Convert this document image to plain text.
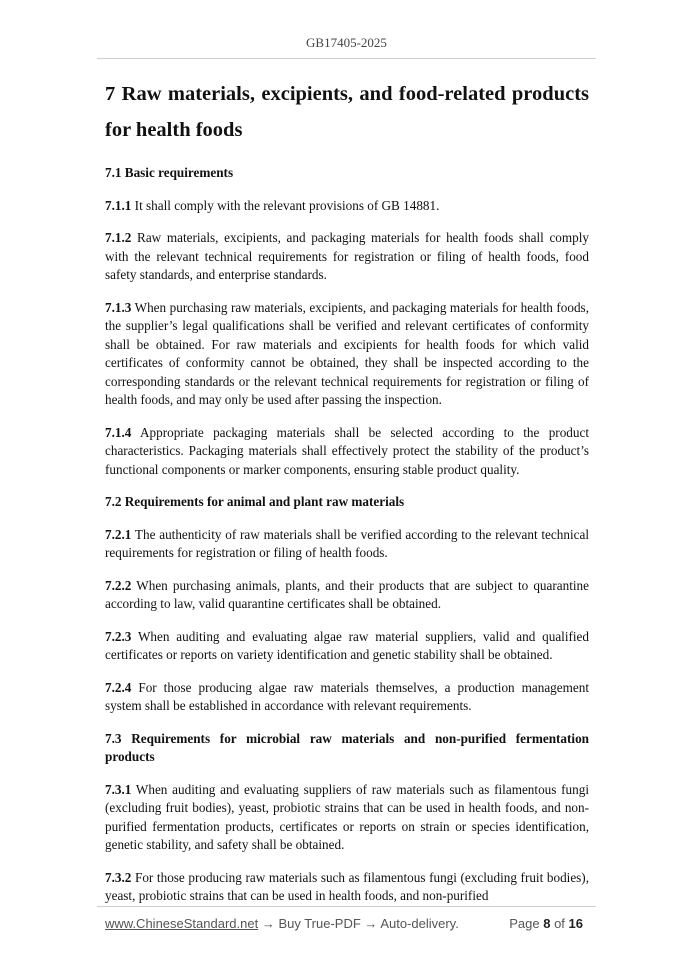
GB17405-2025
7 Raw materials, excipients, and food-related products for health foods
7.1 Basic requirements
7.1.1 It shall comply with the relevant provisions of GB 14881.
7.1.2 Raw materials, excipients, and packaging materials for health foods shall comply with the relevant technical requirements for registration or filing of health foods, food safety standards, and enterprise standards.
7.1.3 When purchasing raw materials, excipients, and packaging materials for health foods, the supplier’s legal qualifications shall be verified and relevant certificates of conformity shall be obtained. For raw materials and excipients for health foods for which valid certificates of conformity cannot be obtained, they shall be inspected according to the corresponding standards or the relevant technical requirements for registration or filing of health foods, and may only be used after passing the inspection.
7.1.4 Appropriate packaging materials shall be selected according to the product characteristics. Packaging materials shall effectively protect the stability of the product’s functional components or marker components, ensuring stable product quality.
7.2 Requirements for animal and plant raw materials
7.2.1 The authenticity of raw materials shall be verified according to the relevant technical requirements for registration or filing of health foods.
7.2.2 When purchasing animals, plants, and their products that are subject to quarantine according to law, valid quarantine certificates shall be obtained.
7.2.3 When auditing and evaluating algae raw material suppliers, valid and qualified certificates or reports on variety identification and genetic stability shall be obtained.
7.2.4 For those producing algae raw materials themselves, a production management system shall be established in accordance with relevant requirements.
7.3 Requirements for microbial raw materials and non-purified fermentation products
7.3.1 When auditing and evaluating suppliers of raw materials such as filamentous fungi (excluding fruit bodies), yeast, probiotic strains that can be used in health foods, and non-purified fermentation products, certificates or reports on strain or species identification, genetic stability, and safety shall be obtained.
7.3.2 For those producing raw materials such as filamentous fungi (excluding fruit bodies), yeast, probiotic strains that can be used in health foods, and non-purified
www.ChineseStandard.net → Buy True-PDF → Auto-delivery.	Page 8 of 16
